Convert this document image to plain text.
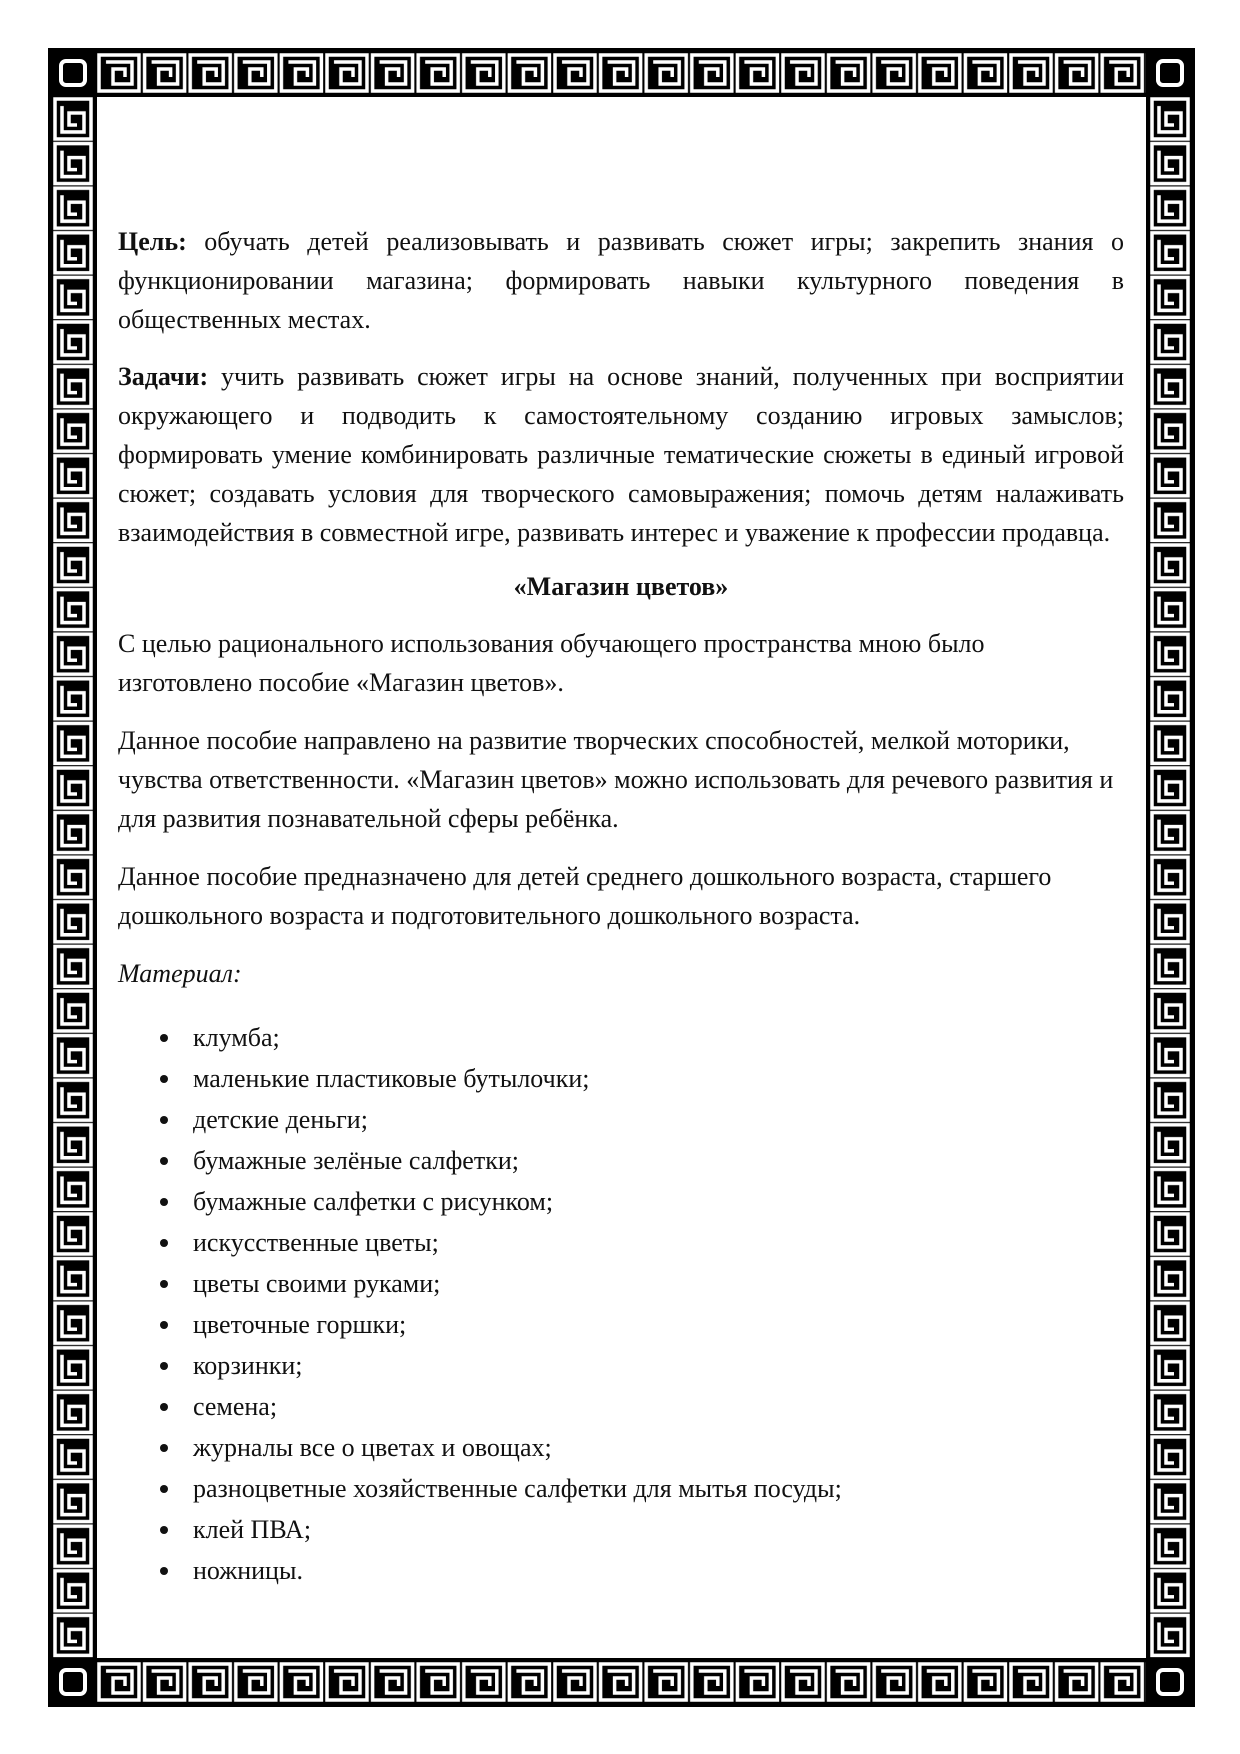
Цель: обучать детей реализовывать и развивать сюжет игры; закрепить знания о функционировании магазина; формировать навыки культурного поведения в общественных местах.

Задачи: учить развивать сюжет игры на основе знаний, полученных при восприятии окружающего и подводить к самостоятельному созданию игровых замыслов; формировать умение комбинировать различные тематические сюжеты в единый игровой сюжет; создавать условия для творческого самовыражения; помочь детям налаживать взаимодействия в совместной игре, развивать интерес и уважение к профессии продавца.

«Магазин цветов»

С целью рационального использования обучающего пространства мною было изготовлено пособие «Магазин цветов».

Данное пособие направлено на развитие творческих способностей, мелкой моторики, чувства ответственности. «Магазин цветов» можно использовать для речевого развития и для развития познавательной сферы ребёнка.

Данное пособие предназначено для детей среднего дошкольного возраста, старшего дошкольного возраста и подготовительного дошкольного возраста.

Материал:

клумба;
маленькие пластиковые бутылочки;
детские деньги;
бумажные зелёные салфетки;
бумажные салфетки с рисунком;
искусственные цветы;
цветы своими руками;
цветочные горшки;
корзинки;
семена;
журналы все о цветах и овощах;
разноцветные хозяйственные салфетки для мытья посуды;
клей ПВА;
ножницы.
